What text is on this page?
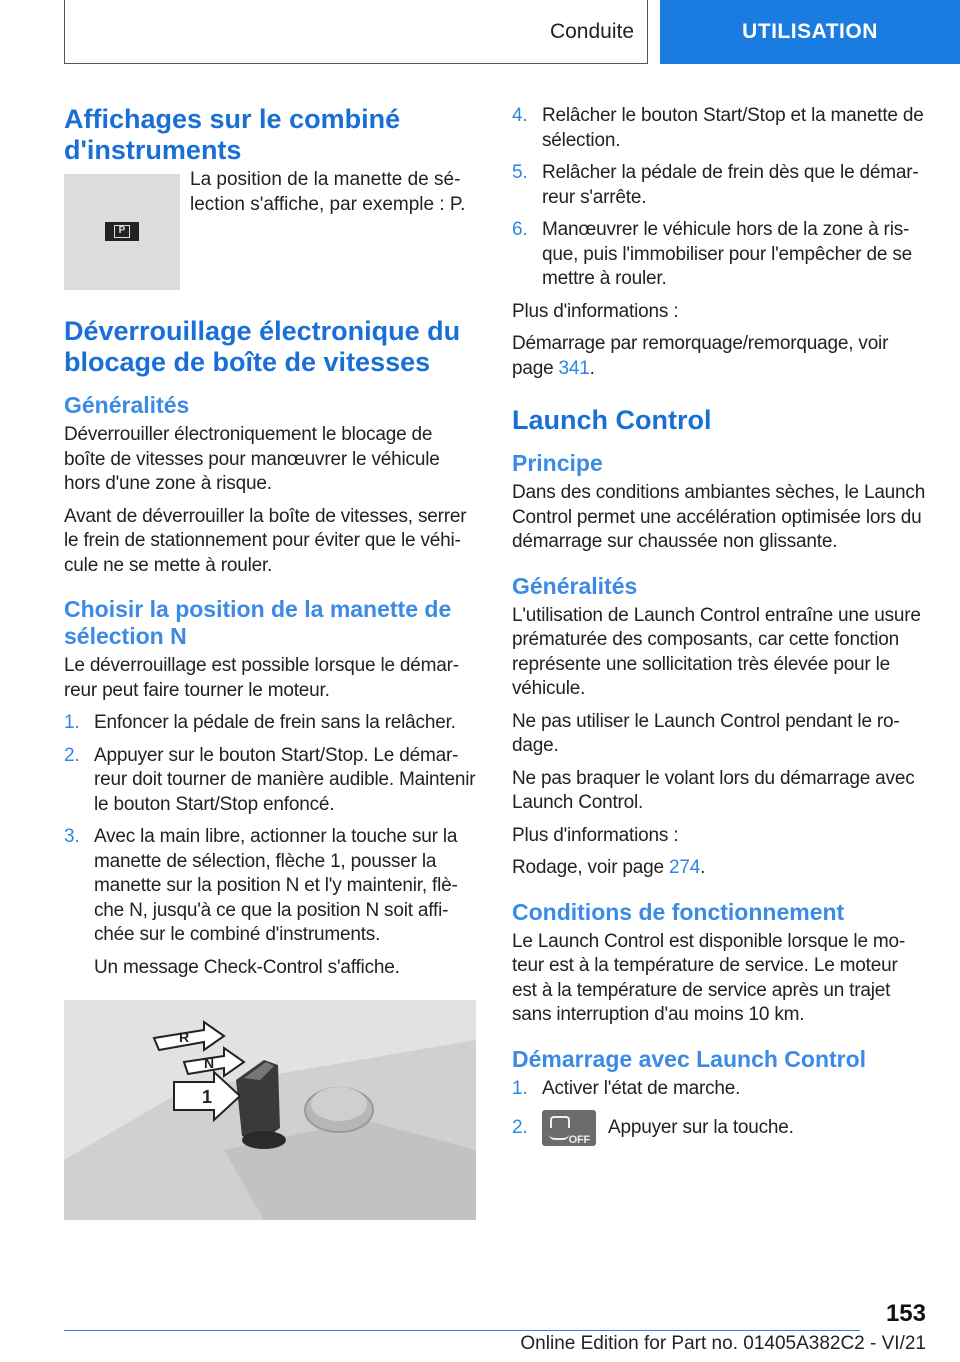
Conduite	UTILISATION
Affichages sur le combiné d'instruments
P
La position de la manette de sélection s'affiche, par exemple : P.
Déverrouillage électronique du blocage de boîte de vitesses
Généralités

Déverrouiller électroniquement le blocage de boîte de vitesses pour manœuvrer le véhicule hors d'une zone à risque.

Avant de déverrouiller la boîte de vitesses, serrer le frein de stationnement pour éviter que le véhicule ne se mette à rouler.

Choisir la position de la manette de sélection N

Le déverrouillage est possible lorsque le démarreur peut faire tourner le moteur.

1. Enfoncer la pédale de frein sans la relâcher.
2. Appuyer sur le bouton Start/Stop. Le démarreur doit tourner de manière audible. Maintenir le bouton Start/Stop enfoncé.
3. Avec la main libre, actionner la touche sur la manette de sélection, flèche 1, pousser la manette sur la position N et l'y maintenir, flèche N, jusqu'à ce que la position N soit affichée sur le combiné d'instruments.
Un message Check-Control s'affiche.
R
N
1
4. Relâcher le bouton Start/Stop et la manette de sélection.
5. Relâcher la pédale de frein dès que le démarreur s'arrête.
6. Manœuvrer le véhicule hors de la zone à risque, puis l'immobiliser pour l'empêcher de se mettre à rouler.

Plus d'informations :

Démarrage par remorquage/remorquage, voir page 341.

Launch Control
Principe

Dans des conditions ambiantes sèches, le Launch Control permet une accélération optimisée lors du démarrage sur chaussée non glissante.

Généralités

L'utilisation de Launch Control entraîne une usure prématurée des composants, car cette fonction représente une sollicitation très élevée pour le véhicule.

Ne pas utiliser le Launch Control pendant le rodage.

Ne pas braquer le volant lors du démarrage avec Launch Control.

Plus d'informations :

Rodage, voir page 274.

Conditions de fonctionnement

Le Launch Control est disponible lorsque le moteur est à la température de service. Le moteur est à la température de service après un trajet sans interruption d'au moins 10 km.

Démarrage avec Launch Control
1. Activer l'état de marche.
2.
OFF
Appuyer sur la touche.
153
Online Edition for Part no. 01405A382C2 - VI/21
